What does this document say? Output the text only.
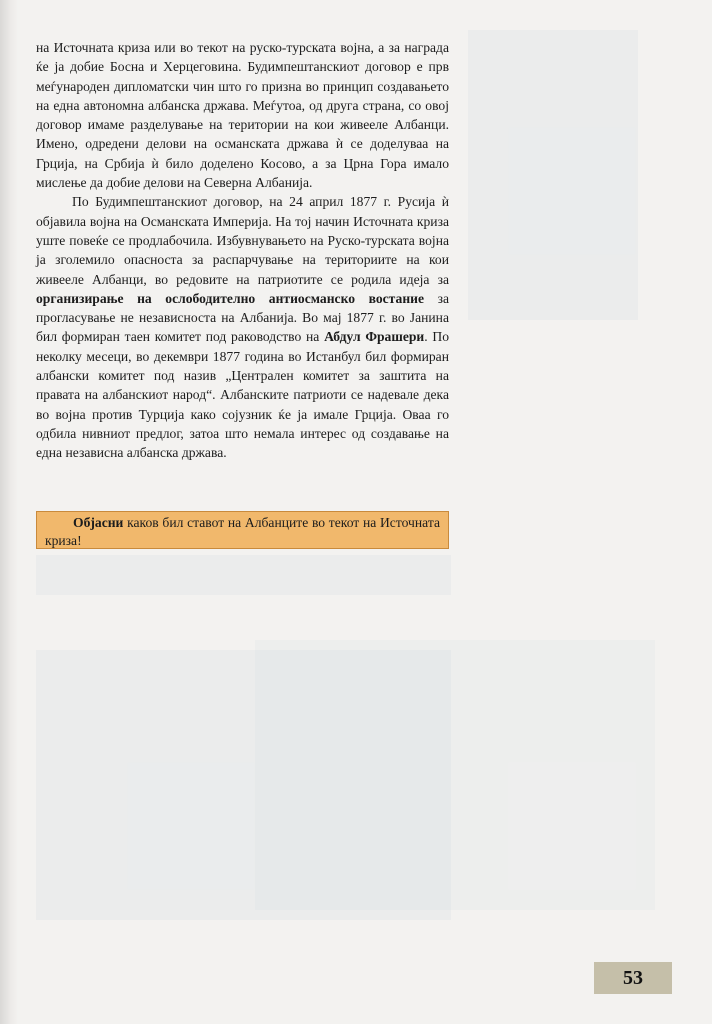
на Источната криза или во текот на руско-турската војна, а за награда ќе ја добие Босна и Херцеговина. Будимпештанскиот договор е прв меѓународен дипломатски чин што го призна во принцип создавањето на една автономна албанска држава. Меѓутоа, од друга страна, со овој договор имаме разделување на територии на кои живееле Албанци. Имено, одредени делови на османската држава ѝ се доделуваа на Грција, на Србија ѝ било доделено Косово, а за Црна Гора имало мислење да добие делови на Северна Албанија.

По Будимпештанскиот договор, на 24 април 1877 г. Русија ѝ објавила војна на Османската Империја. На тој начин Источната криза уште повеќе се продлабочила. Избувнувањето на Руско-турската војна ја зголемило опасноста за распарчување на териториите на кои живееле Албанци, во редовите на патриотите се родила идеја за организирање на ослободително антиосманско востание за прогласување не независноста на Албанија. Во мај 1877 г. во Јанина бил формиран таен комитет под раководство на Абдул Фрашери. По неколку месеци, во декември 1877 година во Истанбул бил формиран албански комитет под назив „Централен комитет за заштита на правата на албанскиот народ“. Албанските патриоти се надевале дека во војна против Турција како сојузник ќе ја имале Грција. Оваа го одбила нивниот предлог, затоа што немала интерес од создавање на една независна албанска држава.

Објасни каков бил ставот на Албанците во текот на Источната криза!
53
